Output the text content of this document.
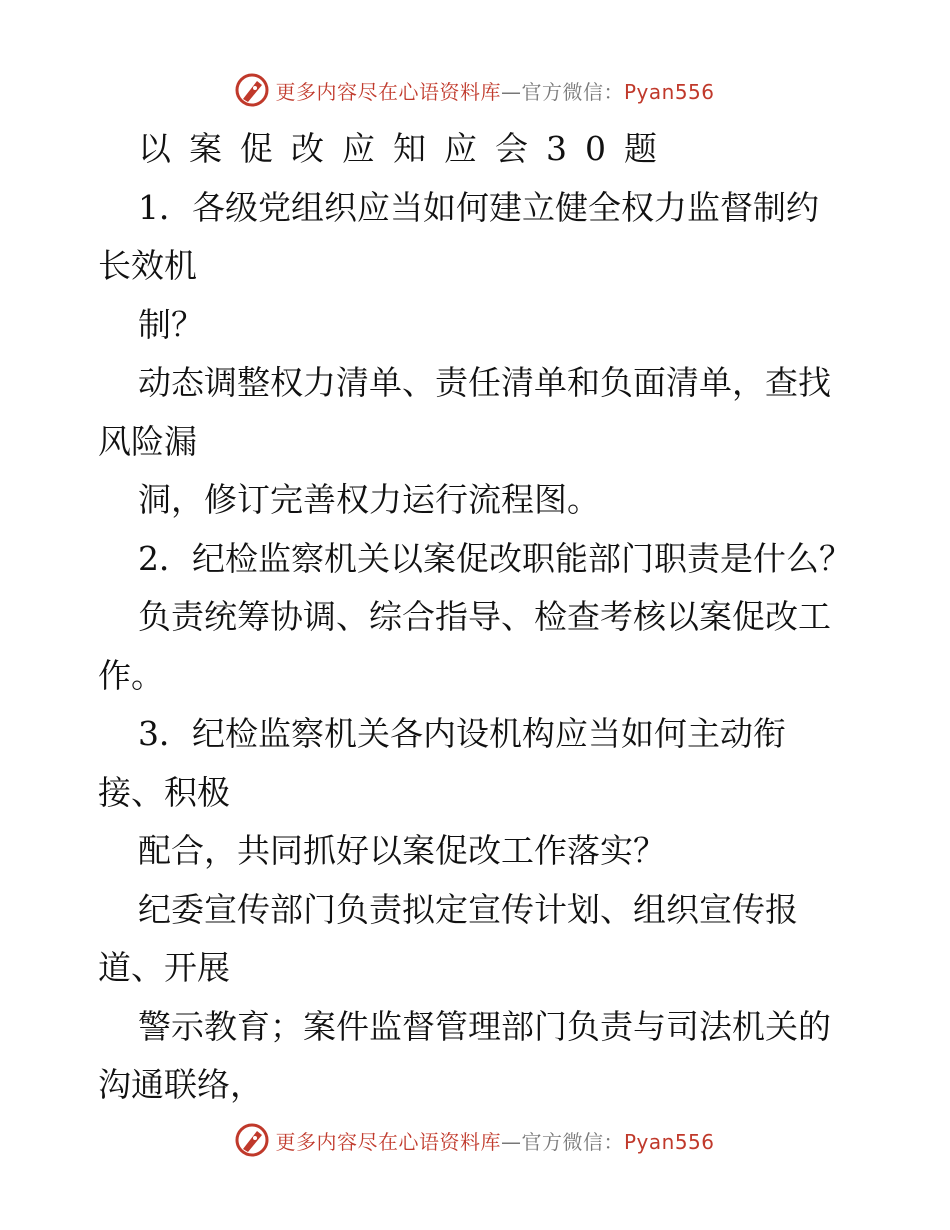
更多内容尽在心语资料库—官方微信：Pyan556
以案促改应知应会30题
1．各级党组织应当如何建立健全权力监督制约
长效机
制？
动态调整权力清单、责任清单和负面清单，查找
风险漏
洞，修订完善权力运行流程图。
2．纪检监察机关以案促改职能部门职责是什么？
负责统筹协调、综合指导、检查考核以案促改工
作。
3．纪检监察机关各内设机构应当如何主动衔
接、积极
配合，共同抓好以案促改工作落实？
纪委宣传部门负责拟定宣传计划、组织宣传报
道、开展
警示教育；案件监督管理部门负责与司法机关的
沟通联络，
更多内容尽在心语资料库—官方微信：Pyan556
